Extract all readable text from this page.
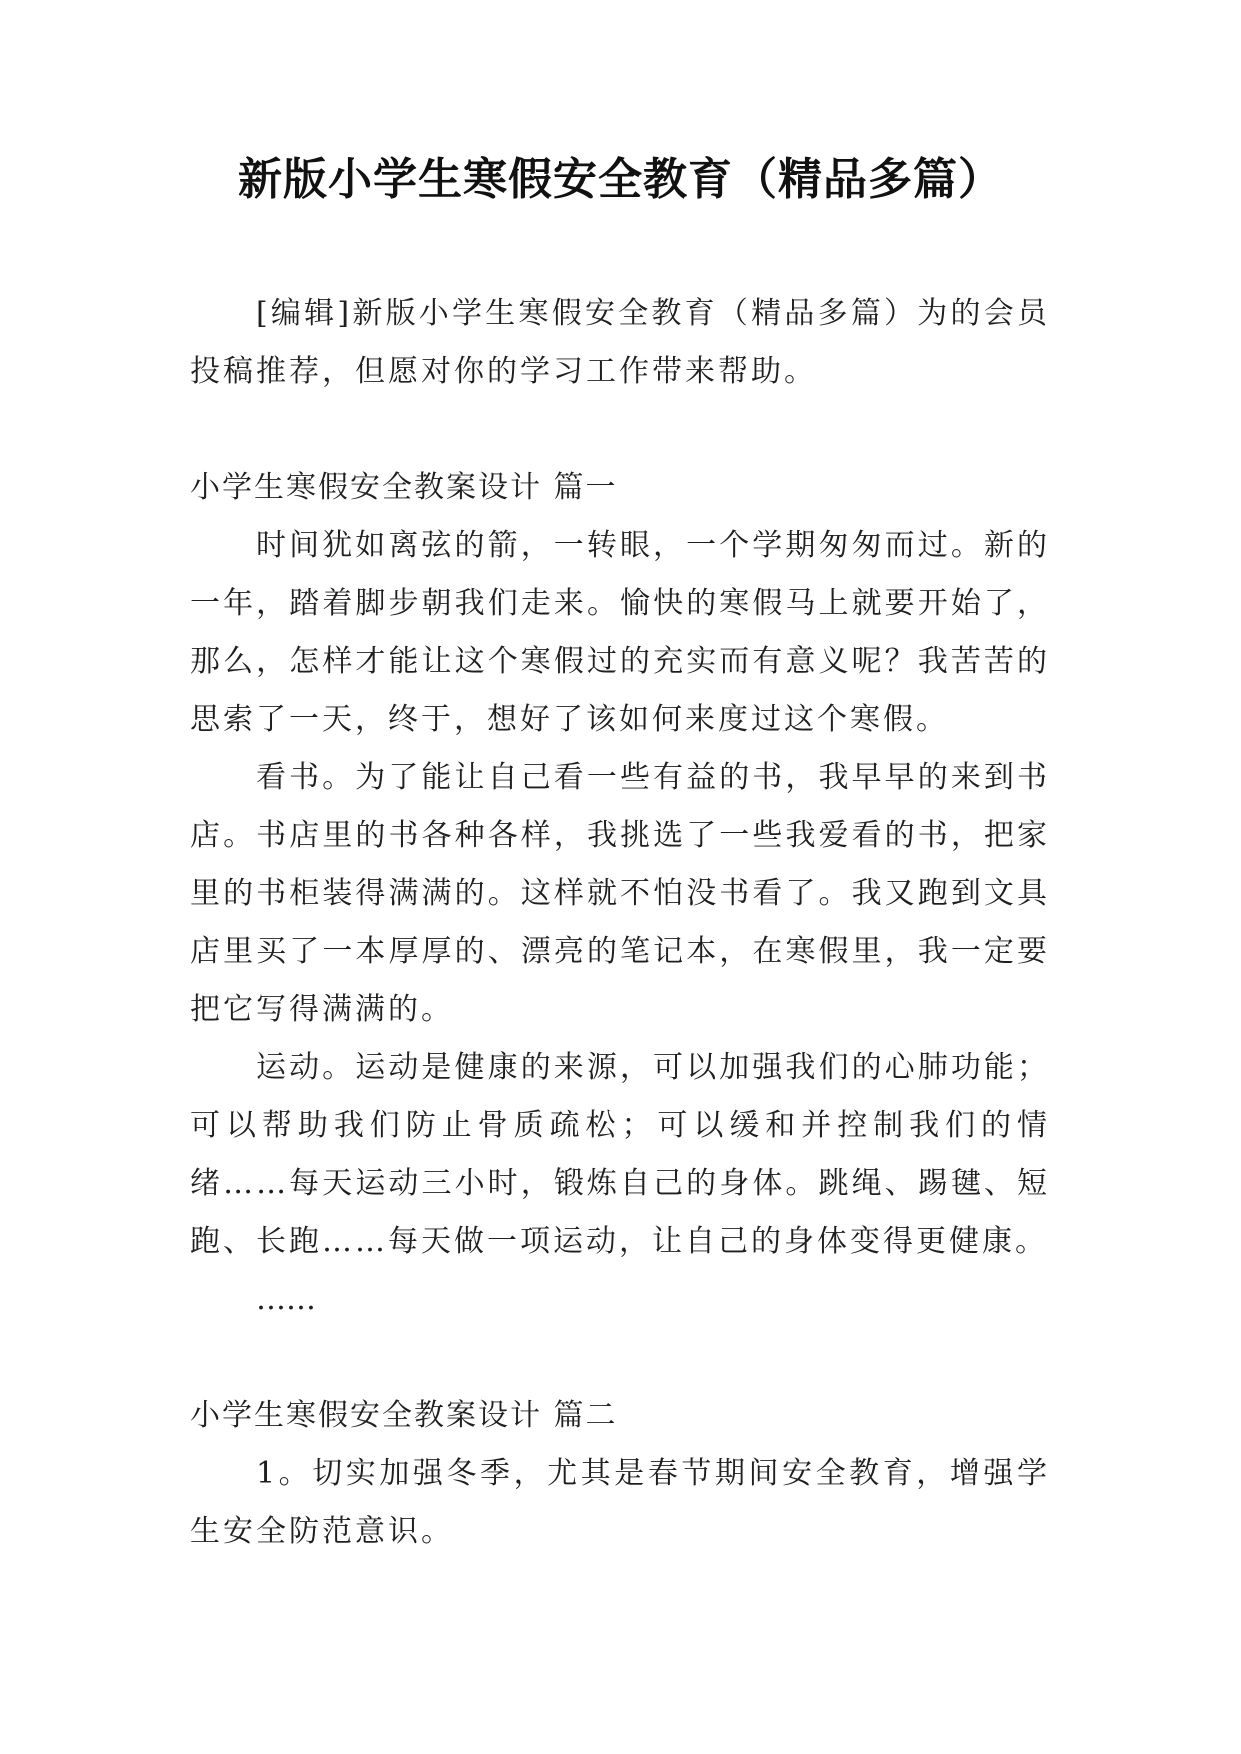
新版小学生寒假安全教育（精品多篇）

[编辑]新版小学生寒假安全教育（精品多篇）为的会员投稿推荐，但愿对你的学习工作带来帮助。

小学生寒假安全教案设计 篇一

时间犹如离弦的箭，一转眼，一个学期匆匆而过。新的一年，踏着脚步朝我们走来。愉快的寒假马上就要开始了，那么，怎样才能让这个寒假过的充实而有意义呢？我苦苦的思索了一天，终于，想好了该如何来度过这个寒假。

看书。为了能让自己看一些有益的书，我早早的来到书店。书店里的书各种各样，我挑选了一些我爱看的书，把家里的书柜装得满满的。这样就不怕没书看了。我又跑到文具店里买了一本厚厚的、漂亮的笔记本，在寒假里，我一定要把它写得满满的。

运动。运动是健康的来源，可以加强我们的心肺功能；可以帮助我们防止骨质疏松；可以缓和并控制我们的情绪……每天运动三小时，锻炼自己的身体。跳绳、踢毽、短跑、长跑……每天做一项运动，让自己的身体变得更健康。

……

小学生寒假安全教案设计 篇二

1。切实加强冬季，尤其是春节期间安全教育，增强学生安全防范意识。
